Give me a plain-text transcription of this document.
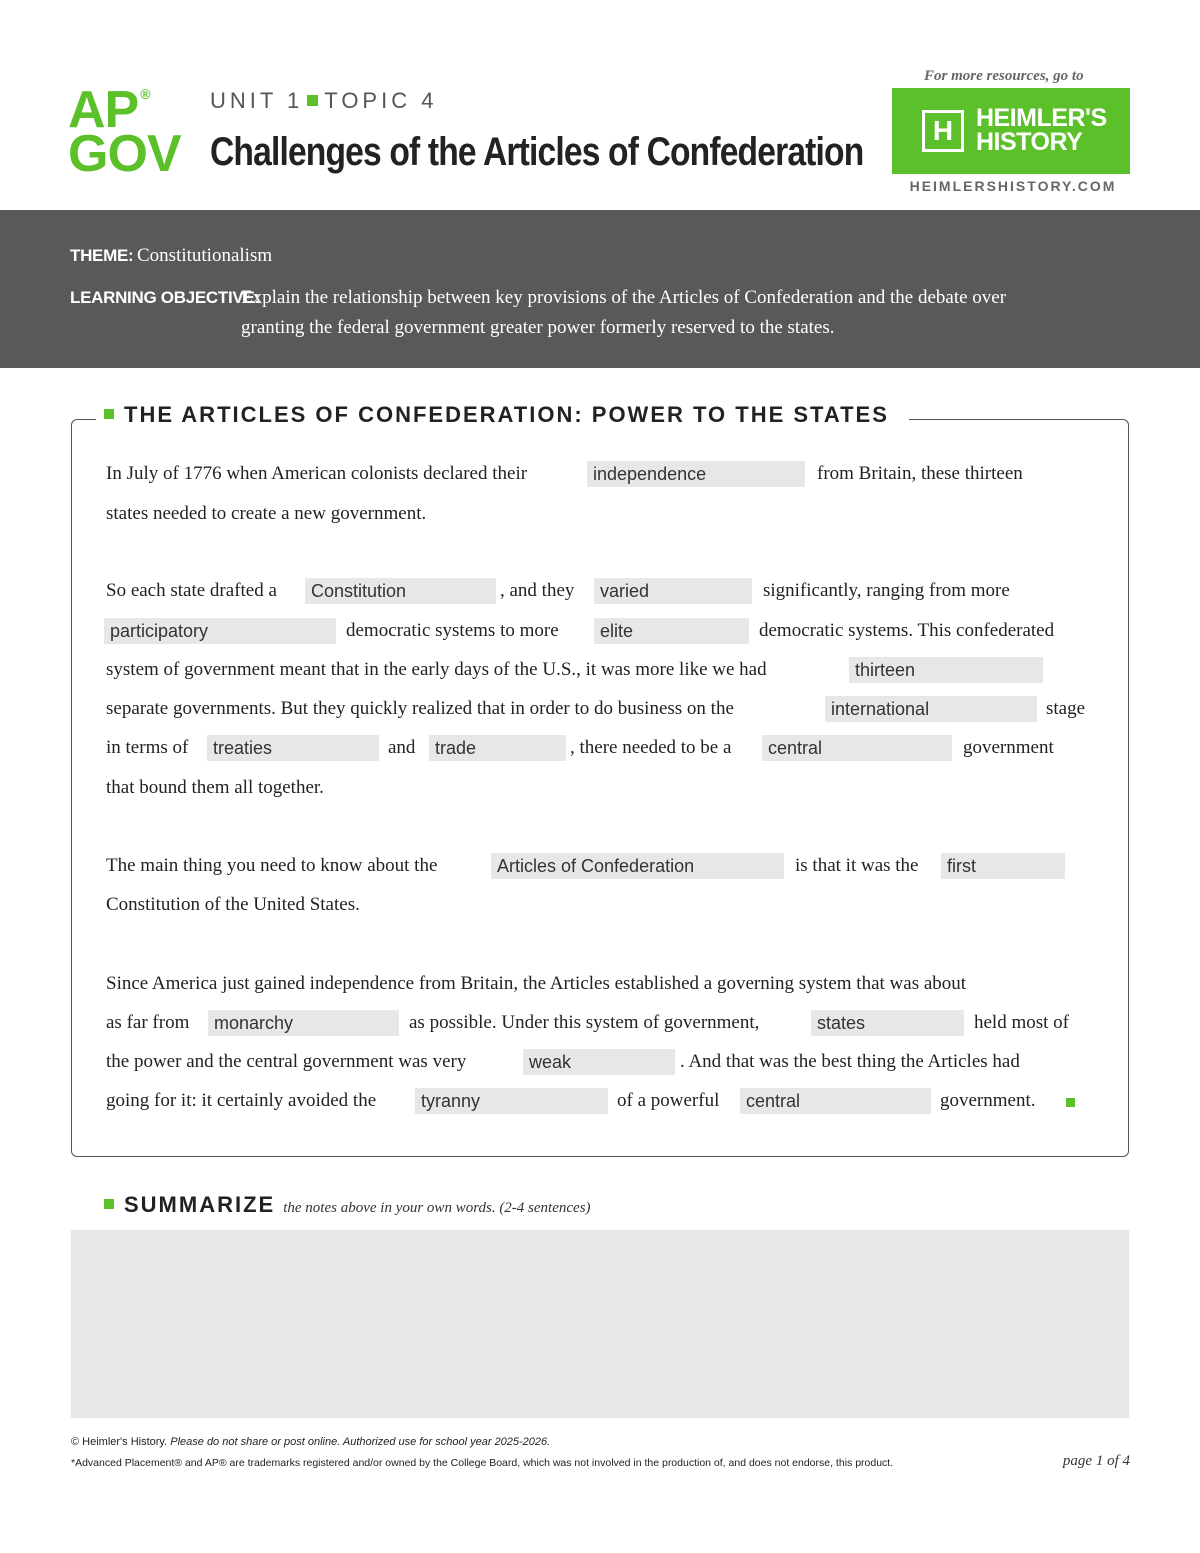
AP ®
GOV
UNIT 1 TOPIC 4
Challenges of the Articles of Confederation
For more resources, go to
H HEIMLER'S
HISTORY
HEIMLERSHISTORY.COM
THEME: Constitutionalism
LEARNING OBJECTIVE:
Explain the relationship between key provisions of the Articles of Confederation and the debate over
granting the federal government greater power formerly reserved to the states.
THE ARTICLES OF CONFEDERATION: POWER TO THE STATES
In July of 1776 when American colonists declared their	independence	from Britain, these thirteen
states needed to create a new government.
So each state drafted a	Constitution	, and they	varied	significantly, ranging from more
participatory	democratic systems to more	elite	democratic systems. This confederated
system of government meant that in the early days of the U.S., it was more like we had	thirteen
separate governments. But they quickly realized that in order to do business on the	international	stage
in terms of	treaties	and	trade	, there needed to be a	central	government
that bound them all together.
The main thing you need to know about the	Articles of Confederation	is that it was the	first
Constitution of the United States.
Since America just gained independence from Britain, the Articles established a governing system that was about
as far from	monarchy	as possible. Under this system of government,	states	held most of
the power and the central government was very	weak	. And that was the best thing the Articles had
going for it: it certainly avoided the	tyranny	of a powerful	central	government.
SUMMARIZE the notes above in your own words. (2-4 sentences)
© Heimler's History. Please do not share or post online. Authorized use for school year 2025-2026.
*Advanced Placement® and AP® are trademarks registered and/or owned by the College Board, which was not involved in the production of, and does not endorse, this product.	page 1 of 4
